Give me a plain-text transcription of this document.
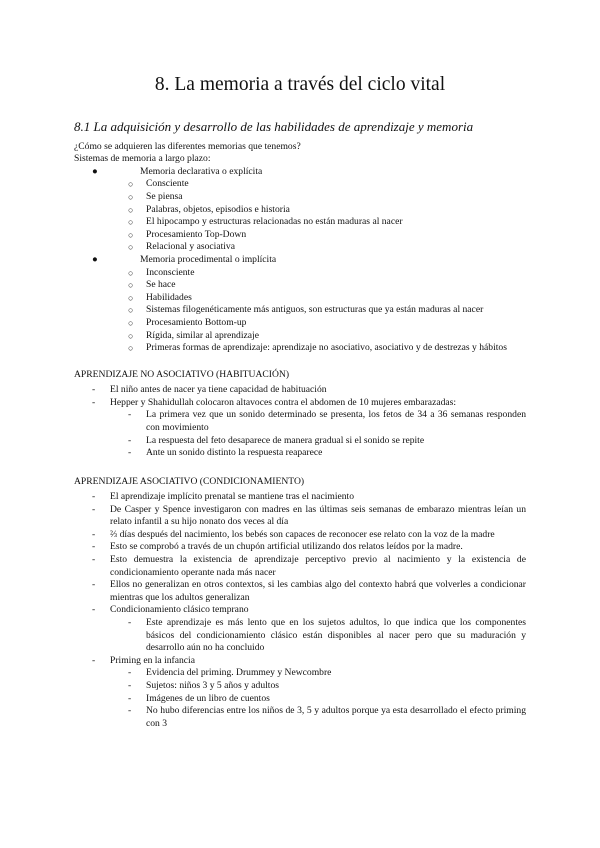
8. La memoria a través del ciclo vital
8.1 La adquisición y desarrollo de las habilidades de aprendizaje y memoria

¿Cómo se adquieren las diferentes memorias que tenemos?

Sistemas de memoria a largo plazo:

●	Memoria declarativa o explícita
○ Consciente
○ Se piensa
○ Palabras, objetos, episodios e historia
○ El hipocampo y estructuras relacionadas no están maduras al nacer
○ Procesamiento Top-Down
○ Relacional y asociativa
●	Memoria procedimental o implícita
○ Inconsciente
○ Se hace
○ Habilidades
○ Sistemas filogenéticamente más antiguos, son estructuras que ya están maduras al nacer
○ Procesamiento Bottom-up
○ Rígida, similar al aprendizaje
○ Primeras formas de aprendizaje: aprendizaje no asociativo, asociativo y de destrezas y hábitos

APRENDIZAJE NO ASOCIATIVO (HABITUACIÓN)

- El niño antes de nacer ya tiene capacidad de habituación
- Hepper y Shahidullah colocaron altavoces contra el abdomen de 10 mujeres embarazadas:
- La primera vez que un sonido determinado se presenta, los fetos de 34 a 36 semanas responden con movimiento
- La respuesta del feto desaparece de manera gradual si el sonido se repite
- Ante un sonido distinto la respuesta reaparece

APRENDIZAJE ASOCIATIVO (CONDICIONAMIENTO)

- El aprendizaje implícito prenatal se mantiene tras el nacimiento
- De Casper y Spence investigaron con madres en las últimas seis semanas de embarazo mientras leían un relato infantil a su hijo nonato dos veces al día
- ⅔ días después del nacimiento, los bebés son capaces de reconocer ese relato con la voz de la madre
- Esto se comprobó a través de un chupón artificial utilizando dos relatos leídos por la madre.
- Esto demuestra la existencia de aprendizaje perceptivo previo al nacimiento y la existencia de condicionamiento operante nada más nacer
- Ellos no generalizan en otros contextos, si les cambias algo del contexto habrá que volverles a condicionar mientras que los adultos generalizan
- Condicionamiento clásico temprano
- Este aprendizaje es más lento que en los sujetos adultos, lo que indica que los componentes básicos del condicionamiento clásico están disponibles al nacer pero que su maduración y desarrollo aún no ha concluido
- Priming en la infancia
- Evidencia del priming. Drummey y Newcombre
- Sujetos: niños 3 y 5 años y adultos
- Imágenes de un libro de cuentos
- No hubo diferencias entre los niños de 3, 5 y adultos porque ya esta desarrollado el efecto priming con 3
